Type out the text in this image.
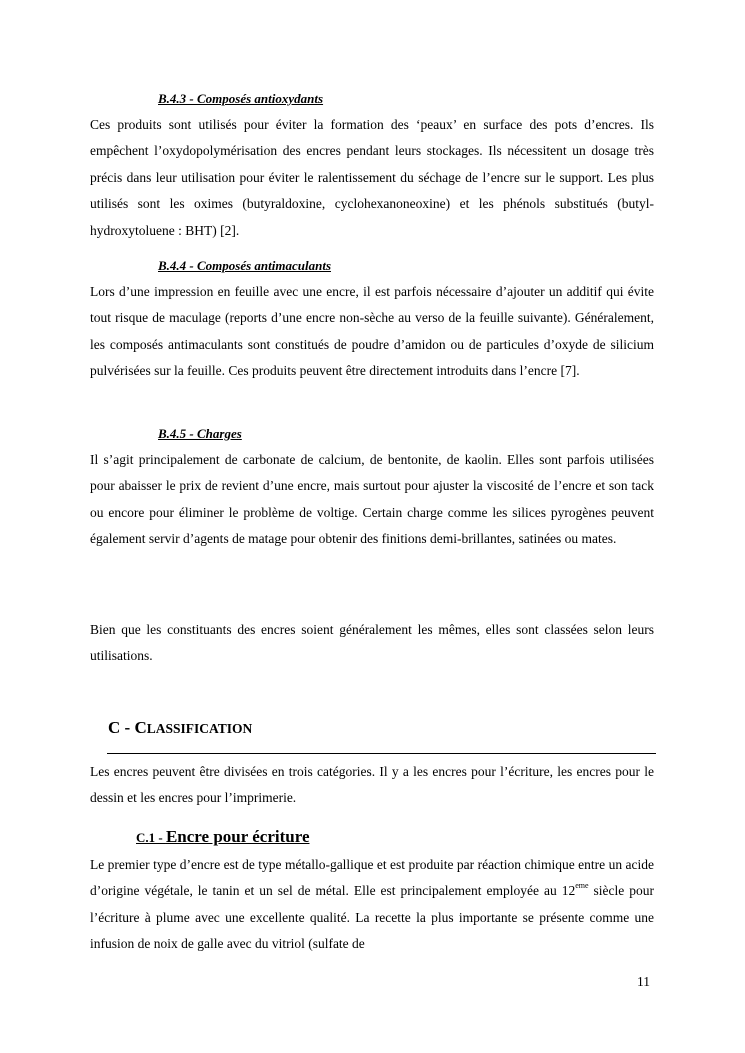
B.4.3 - Composés antioxydants

Ces produits sont utilisés pour éviter la formation des ‘peaux’ en surface des pots d’encres. Ils empêchent l’oxydopolymérisation des encres pendant leurs stockages. Ils nécessitent un dosage très précis dans leur utilisation pour éviter le ralentissement du séchage de l’encre sur le support. Les plus utilisés sont les oximes (butyraldoxine, cyclohexanoneoxine) et les phénols substitués (butyl-hydroxytoluene : BHT) [2].

B.4.4 - Composés antimaculants

Lors d’une impression en feuille avec une encre, il est parfois nécessaire d’ajouter un additif qui évite tout risque de maculage (reports d’une encre non-sèche au verso de la feuille suivante). Généralement, les composés antimaculants sont constitués de poudre d’amidon ou de particules d’oxyde de silicium pulvérisées sur la feuille. Ces produits peuvent être directement introduits dans l’encre [7].

B.4.5 - Charges

Il s’agit principalement de carbonate de calcium, de bentonite, de kaolin. Elles sont parfois utilisées pour abaisser le prix de revient d’une encre, mais surtout pour ajuster la viscosité de l’encre et son tack ou encore pour éliminer le problème de voltige. Certain charge comme les silices pyrogènes peuvent également servir d’agents de matage pour obtenir des finitions demi-brillantes, satinées ou mates.

Bien que les constituants des encres soient généralement les mêmes, elles sont classées selon leurs utilisations.

C - CLASSIFICATION

Les encres peuvent être divisées en trois catégories. Il y a les encres pour l’écriture, les encres pour le dessin et les encres pour l’imprimerie.

C.1 - Encre pour écriture

Le premier type d’encre est de type métallo-gallique et est produite par réaction chimique entre un acide d’origine végétale, le tanin et un sel de métal. Elle est principalement employée au 12eme siècle pour l’écriture à plume avec une excellente qualité. La recette la plus importante se présente comme une infusion de noix de galle avec du vitriol (sulfate de

11
